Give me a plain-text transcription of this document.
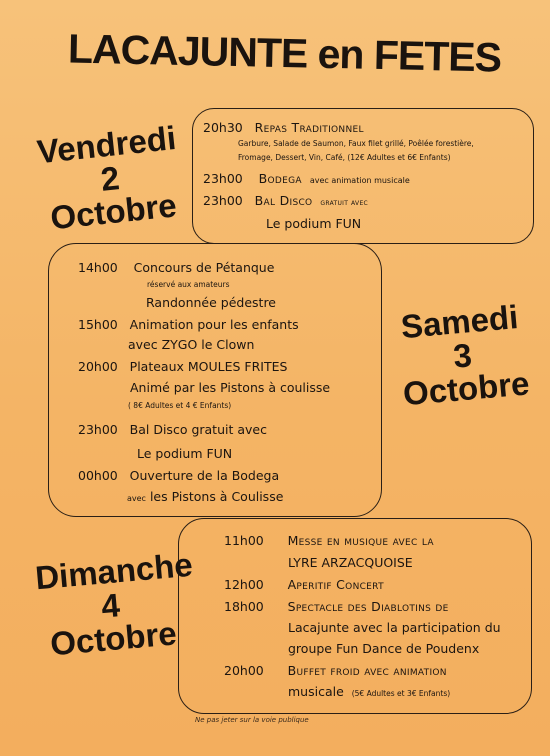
LACAJUNTE en FETES
Vendredi
2
Octobre
20h30 Repas Traditionnel
Garbure, Salade de Saumon, Faux filet grillé, Poêlée forestière,
Fromage, Dessert, Vin, Café, (12€ Adultes et 6€ Enfants)
23h00 Bodega avec animation musicale
23h00 Bal Disco gratuit avec
Le podium FUN
Samedi
3
Octobre
14h00 Concours de Pétanque
réservé aux amateurs
Randonnée pédestre
15h00 Animation pour les enfants
avec ZYGO le Clown
20h00 Plateaux MOULES FRITES
Animé par les Pistons à coulisse
( 8€ Adultes et 4 € Enfants)
23h00 Bal Disco gratuit avec
Le podium FUN
00h00 Ouverture de la Bodega
avec les Pistons à Coulisse
Dimanche
4
Octobre
11h00 Messe en musique avec la
LYRE ARZACQUOISE
12h00 Aperitif Concert
18h00 Spectacle des Diablotins de
Lacajunte avec la participation du
groupe Fun Dance de Poudenx
20h00 Buffet froid avec animation
musicale (5€ Adultes et 3€ Enfants)
Ne pas jeter sur la voie publique
